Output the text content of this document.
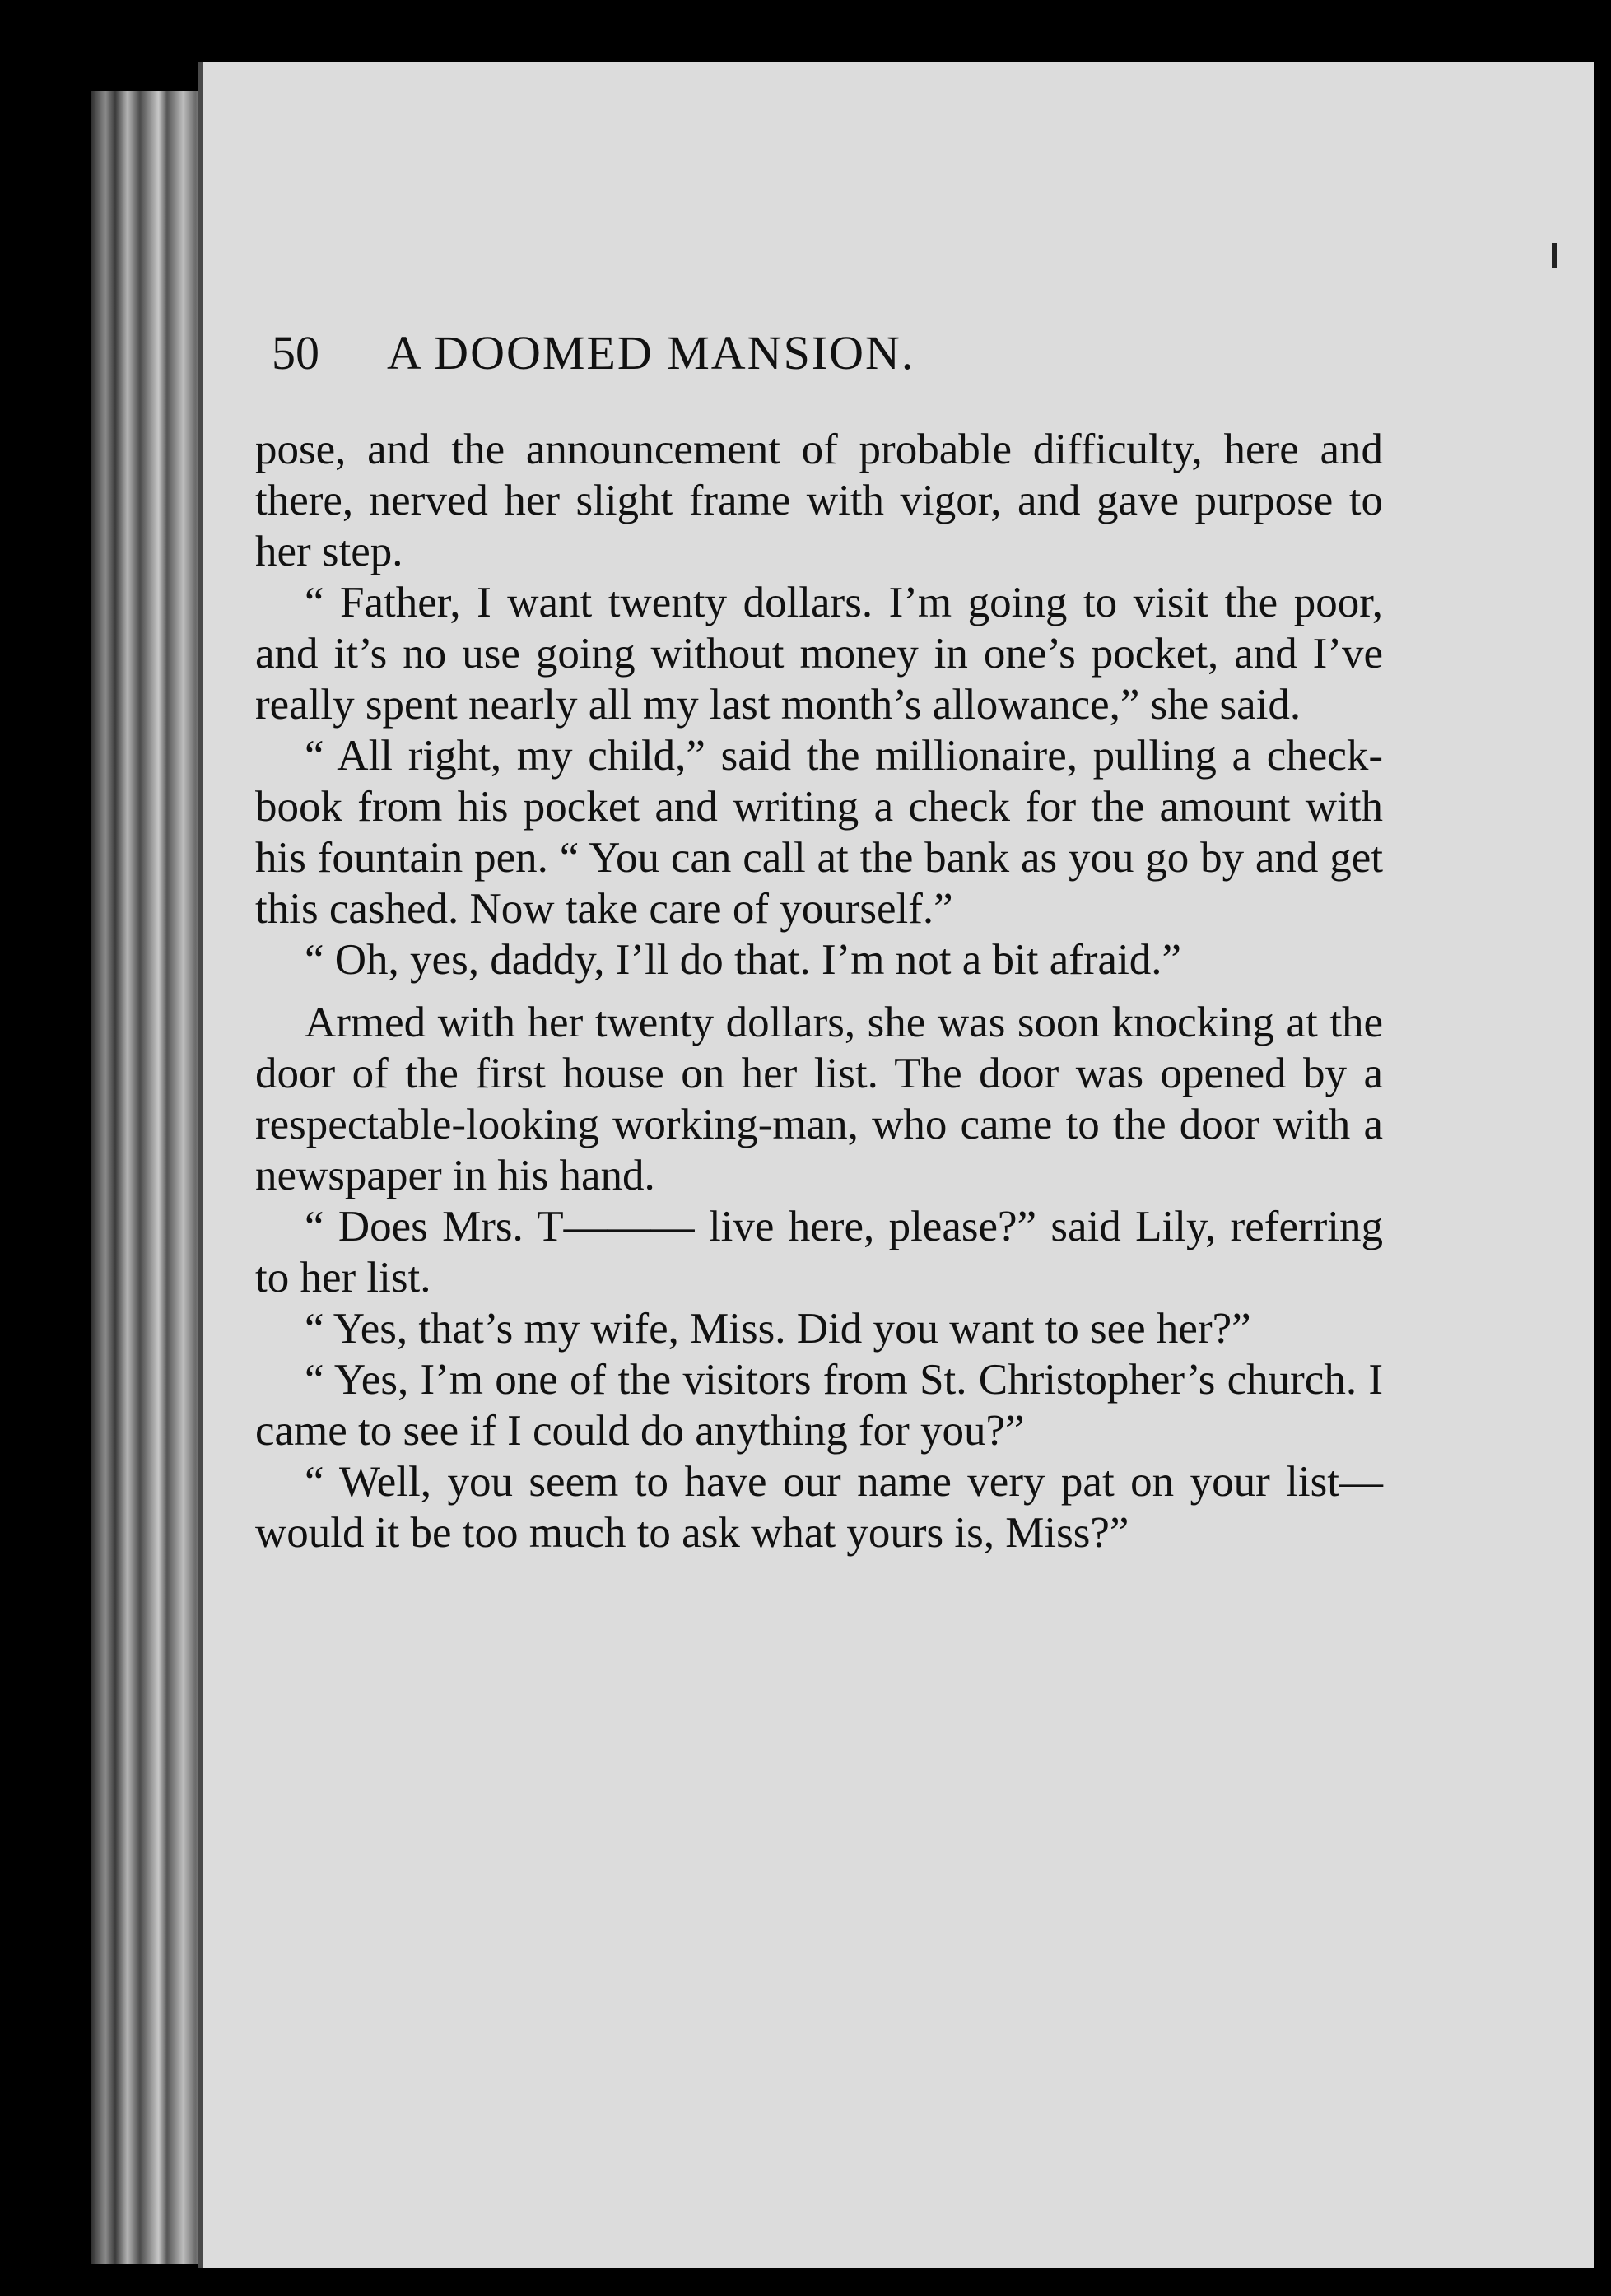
50 A DOOMED MANSION.

pose, and the announcement of probable difficulty, here and there, nerved her slight frame with vigor, and gave purpose to her step.

“ Father, I want twenty dollars. I’m going to visit the poor, and it’s no use going without money in one’s pocket, and I’ve really spent nearly all my last month’s allowance,” she said.

“ All right, my child,” said the millionaire, pulling a check-book from his pocket and writing a check for the amount with his fountain pen. “ You can call at the bank as you go by and get this cashed. Now take care of yourself.”

“ Oh, yes, daddy, I’ll do that. I’m not a bit afraid.”

Armed with her twenty dollars, she was soon knocking at the door of the first house on her list. The door was opened by a respectable-looking working-man, who came to the door with a newspaper in his hand.

“ Does Mrs. T——— live here, please?” said Lily, referring to her list.

“ Yes, that’s my wife, Miss. Did you want to see her?”

“ Yes, I’m one of the visitors from St. Christopher’s church. I came to see if I could do anything for you?”

“ Well, you seem to have our name very pat on your list—would it be too much to ask what yours is, Miss?”
